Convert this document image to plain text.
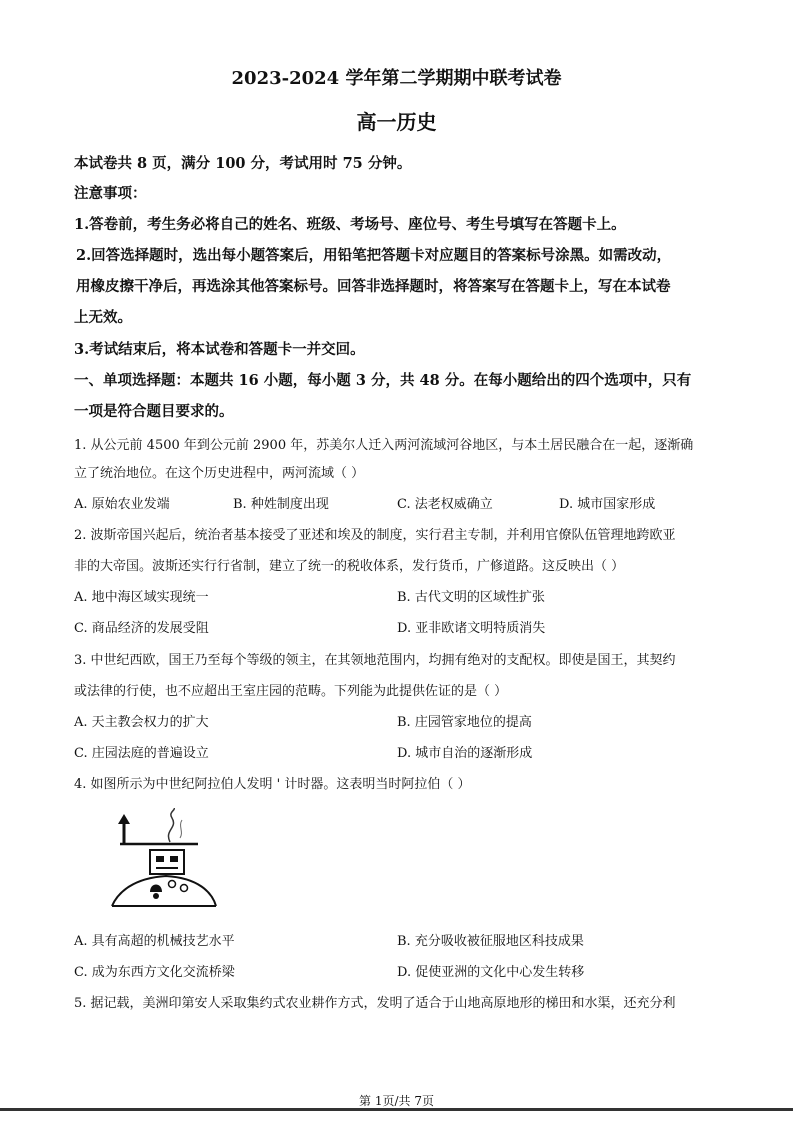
2023-2024 学年第二学期期中联考试卷
高一历史
本试卷共 8 页，满分 100 分，考试用时 75 分钟。
注意事项：
1.答卷前，考生务必将自己的姓名、班级、考场号、座位号、考生号填写在答题卡上。
2.回答选择题时，选出每小题答案后，用铅笔把答题卡对应题目的答案标号涂黑。如需改动，
用橡皮擦干净后，再选涂其他答案标号。回答非选择题时，将答案写在答题卡上，写在本试卷
上无效。
3.考试结束后，将本试卷和答题卡一并交回。
一、单项选择题：本题共 16 小题，每小题 3 分，共 48 分。在每小题给出的四个选项中，只有
一项是符合题目要求的。
1. 从公元前 4500 年到公元前 2900 年，苏美尔人迁入两河流域河谷地区，与本土居民融合在一起，逐渐确
立了统治地位。在这个历史进程中，两河流域（ ）
A. 原始农业发端	B. 种姓制度出现	C. 法老权威确立	D. 城市国家形成
2. 波斯帝国兴起后，统治者基本接受了亚述和埃及的制度，实行君主专制，并利用官僚队伍管理地跨欧亚
非的大帝国。波斯还实行行省制，建立了统一的税收体系，发行货币，广修道路。这反映出（ ）
A. 地中海区域实现统一	B. 古代文明的区域性扩张
C. 商品经济的发展受阻	D. 亚非欧诸文明特质消失
3. 中世纪西欧，国王乃至每个等级的领主，在其领地范围内，均拥有绝对的支配权。即使是国王，其契约
或法律的行使，也不应超出王室庄园的范畴。下列能为此提供佐证的是（ ）
A. 天主教会权力的扩大	B. 庄园管家地位的提高
C. 庄园法庭的普遍设立	D. 城市自治的逐渐形成
4. 如图所示为中世纪阿拉伯人发明 ' 计时器。这表明当时阿拉伯（ ）
A. 具有高超的机械技艺水平	B. 充分吸收被征服地区科技成果
C. 成为东西方文化交流桥梁	D. 促使亚洲的文化中心发生转移
5. 据记载，美洲印第安人采取集约式农业耕作方式，发明了适合于山地高原地形的梯田和水渠，还充分利
第 1页/共 7页
